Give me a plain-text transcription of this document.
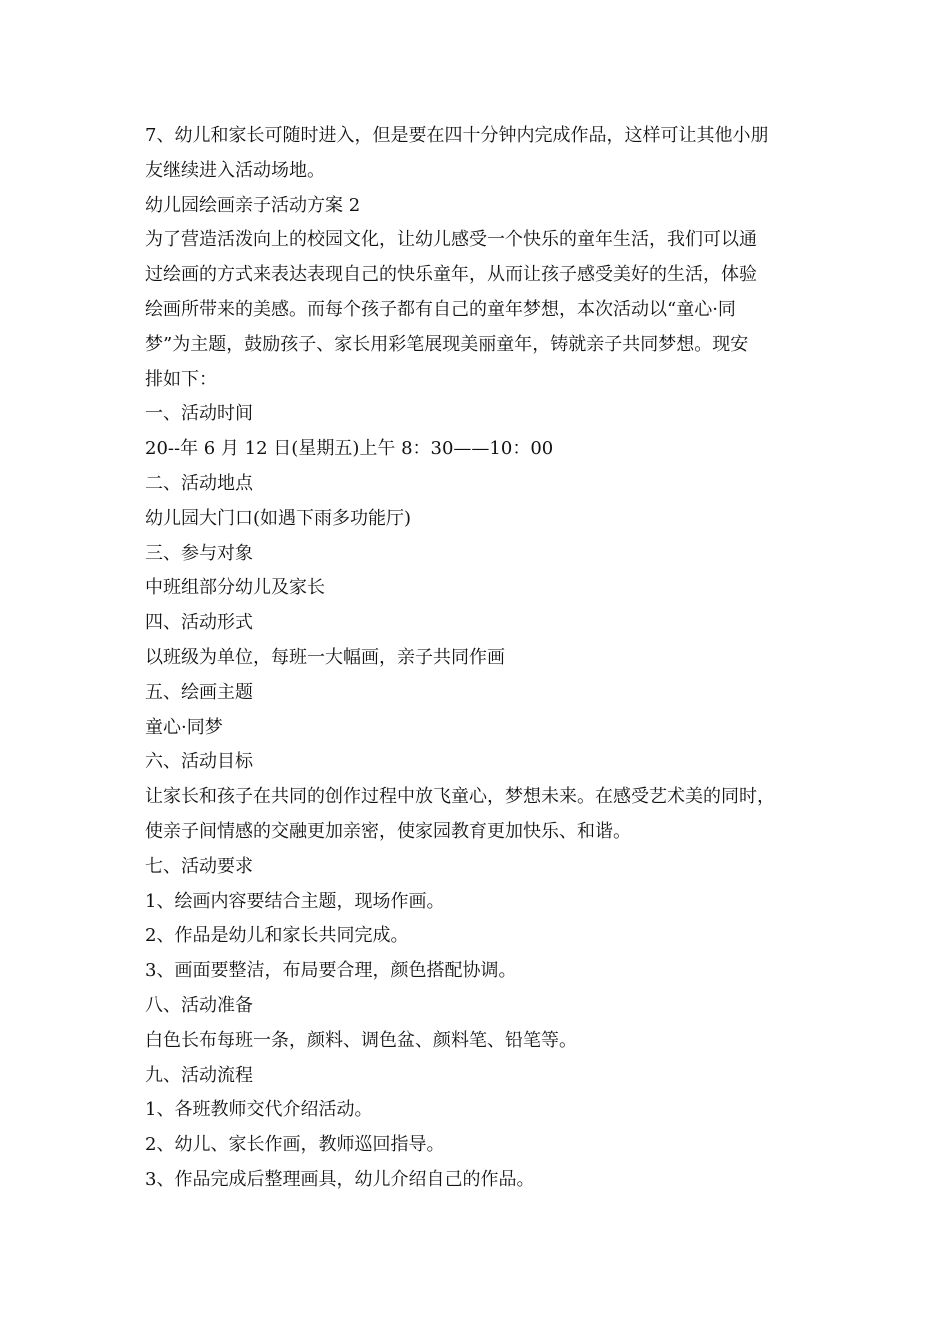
7、幼儿和家长可随时进入，但是要在四十分钟内完成作品，这样可让其他小朋

友继续进入活动场地。

幼儿园绘画亲子活动方案 2

为了营造活泼向上的校园文化，让幼儿感受一个快乐的童年生活，我们可以通

过绘画的方式来表达表现自己的快乐童年，从而让孩子感受美好的生活，体验

绘画所带来的美感。而每个孩子都有自己的童年梦想，本次活动以“童心·同

梦”为主题，鼓励孩子、家长用彩笔展现美丽童年，铸就亲子共同梦想。现安

排如下：

一、活动时间

20--年 6 月 12 日(星期五)上午 8：30——10：00

二、活动地点

幼儿园大门口(如遇下雨多功能厅)

三、参与对象

中班组部分幼儿及家长

四、活动形式

以班级为单位，每班一大幅画，亲子共同作画

五、绘画主题

童心·同梦

六、活动目标

让家长和孩子在共同的创作过程中放飞童心，梦想未来。在感受艺术美的同时，

使亲子间情感的交融更加亲密，使家园教育更加快乐、和谐。

七、活动要求

1、绘画内容要结合主题，现场作画。

2、作品是幼儿和家长共同完成。

3、画面要整洁，布局要合理，颜色搭配协调。

八、活动准备

白色长布每班一条，颜料、调色盆、颜料笔、铅笔等。

九、活动流程

1、各班教师交代介绍活动。

2、幼儿、家长作画，教师巡回指导。

3、作品完成后整理画具，幼儿介绍自己的作品。
